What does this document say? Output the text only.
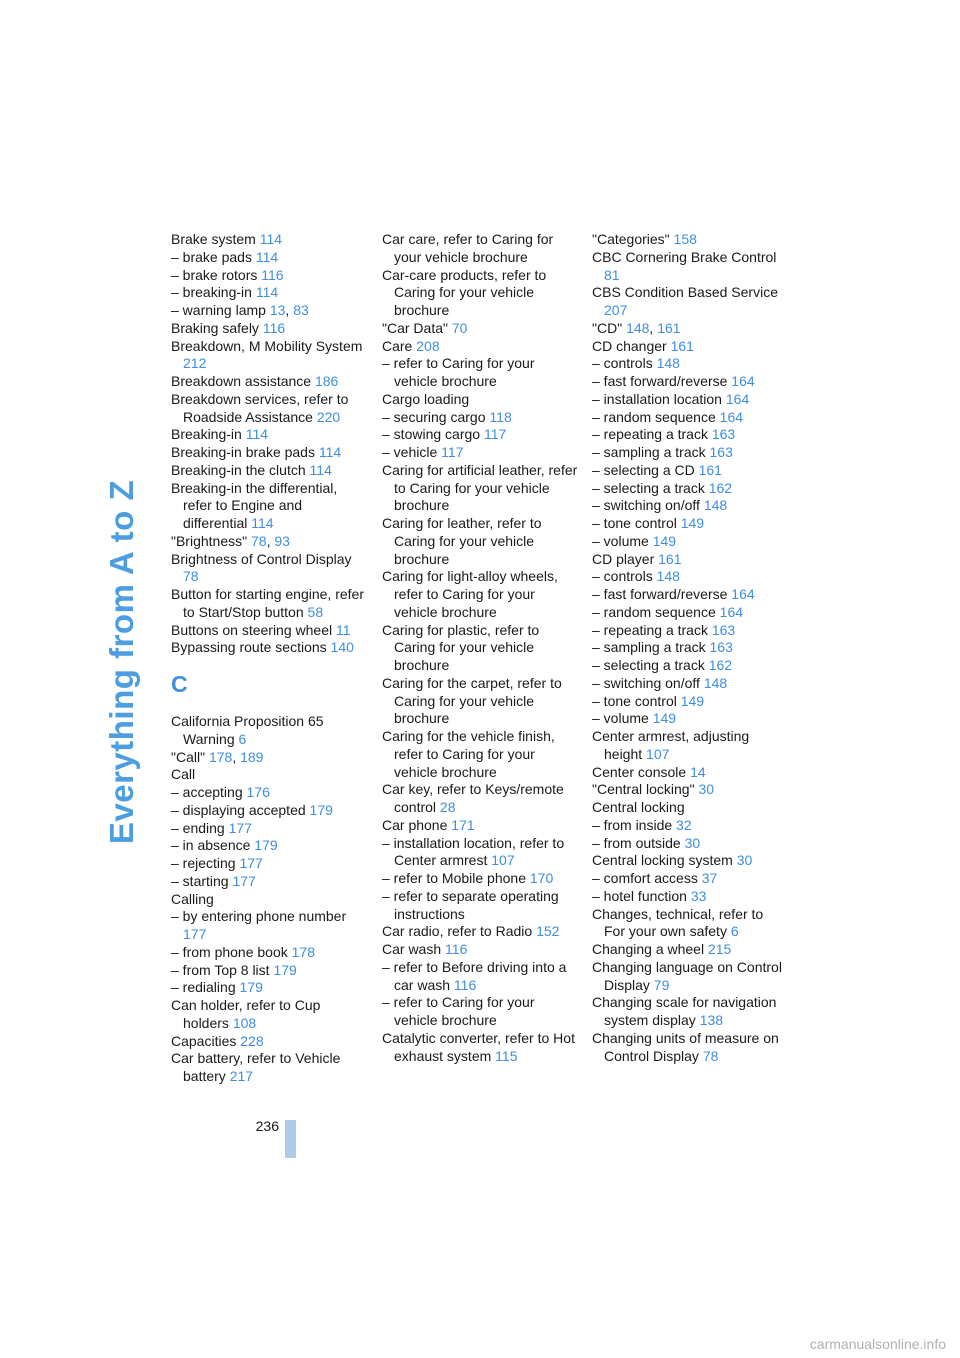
Everything from A to Z
Brake system 114
– brake pads 114
– brake rotors 116
– breaking-in 114
– warning lamp 13, 83
Braking safely 116
Breakdown, M Mobility System 212
Breakdown assistance 186
Breakdown services, refer to Roadside Assistance 220
Breaking-in 114
Breaking-in brake pads 114
Breaking-in the clutch 114
Breaking-in the differential, refer to Engine and differential 114
"Brightness" 78, 93
Brightness of Control Display 78
Button for starting engine, refer to Start/Stop button 58
Buttons on steering wheel 11
Bypassing route sections 140
C
California Proposition 65 Warning 6
"Call" 178, 189
Call
– accepting 176
– displaying accepted 179
– ending 177
– in absence 179
– rejecting 177
– starting 177
Calling
– by entering phone number 177
– from phone book 178
– from Top 8 list 179
– redialing 179
Can holder, refer to Cup holders 108
Capacities 228
Car battery, refer to Vehicle battery 217
Car care, refer to Caring for your vehicle brochure
Car-care products, refer to Caring for your vehicle brochure
"Car Data" 70
Care 208
– refer to Caring for your vehicle brochure
Cargo loading
– securing cargo 118
– stowing cargo 117
– vehicle 117
Caring for artificial leather, refer to Caring for your vehicle brochure
Caring for leather, refer to Caring for your vehicle brochure
Caring for light-alloy wheels, refer to Caring for your vehicle brochure
Caring for plastic, refer to Caring for your vehicle brochure
Caring for the carpet, refer to Caring for your vehicle brochure
Caring for the vehicle finish, refer to Caring for your vehicle brochure
Car key, refer to Keys/remote control 28
Car phone 171
– installation location, refer to Center armrest 107
– refer to Mobile phone 170
– refer to separate operating instructions
Car radio, refer to Radio 152
Car wash 116
– refer to Before driving into a car wash 116
– refer to Caring for your vehicle brochure
Catalytic converter, refer to Hot exhaust system 115
"Categories" 158
CBC Cornering Brake Control 81
CBS Condition Based Service 207
"CD" 148, 161
CD changer 161
– controls 148
– fast forward/reverse 164
– installation location 164
– random sequence 164
– repeating a track 163
– sampling a track 163
– selecting a CD 161
– selecting a track 162
– switching on/off 148
– tone control 149
– volume 149
CD player 161
– controls 148
– fast forward/reverse 164
– random sequence 164
– repeating a track 163
– sampling a track 163
– selecting a track 162
– switching on/off 148
– tone control 149
– volume 149
Center armrest, adjusting height 107
Center console 14
"Central locking" 30
Central locking
– from inside 32
– from outside 30
Central locking system 30
– comfort access 37
– hotel function 33
Changes, technical, refer to For your own safety 6
Changing a wheel 215
Changing language on Control Display 79
Changing scale for navigation system display 138
Changing units of measure on Control Display 78
236
carmanualsonline.info
